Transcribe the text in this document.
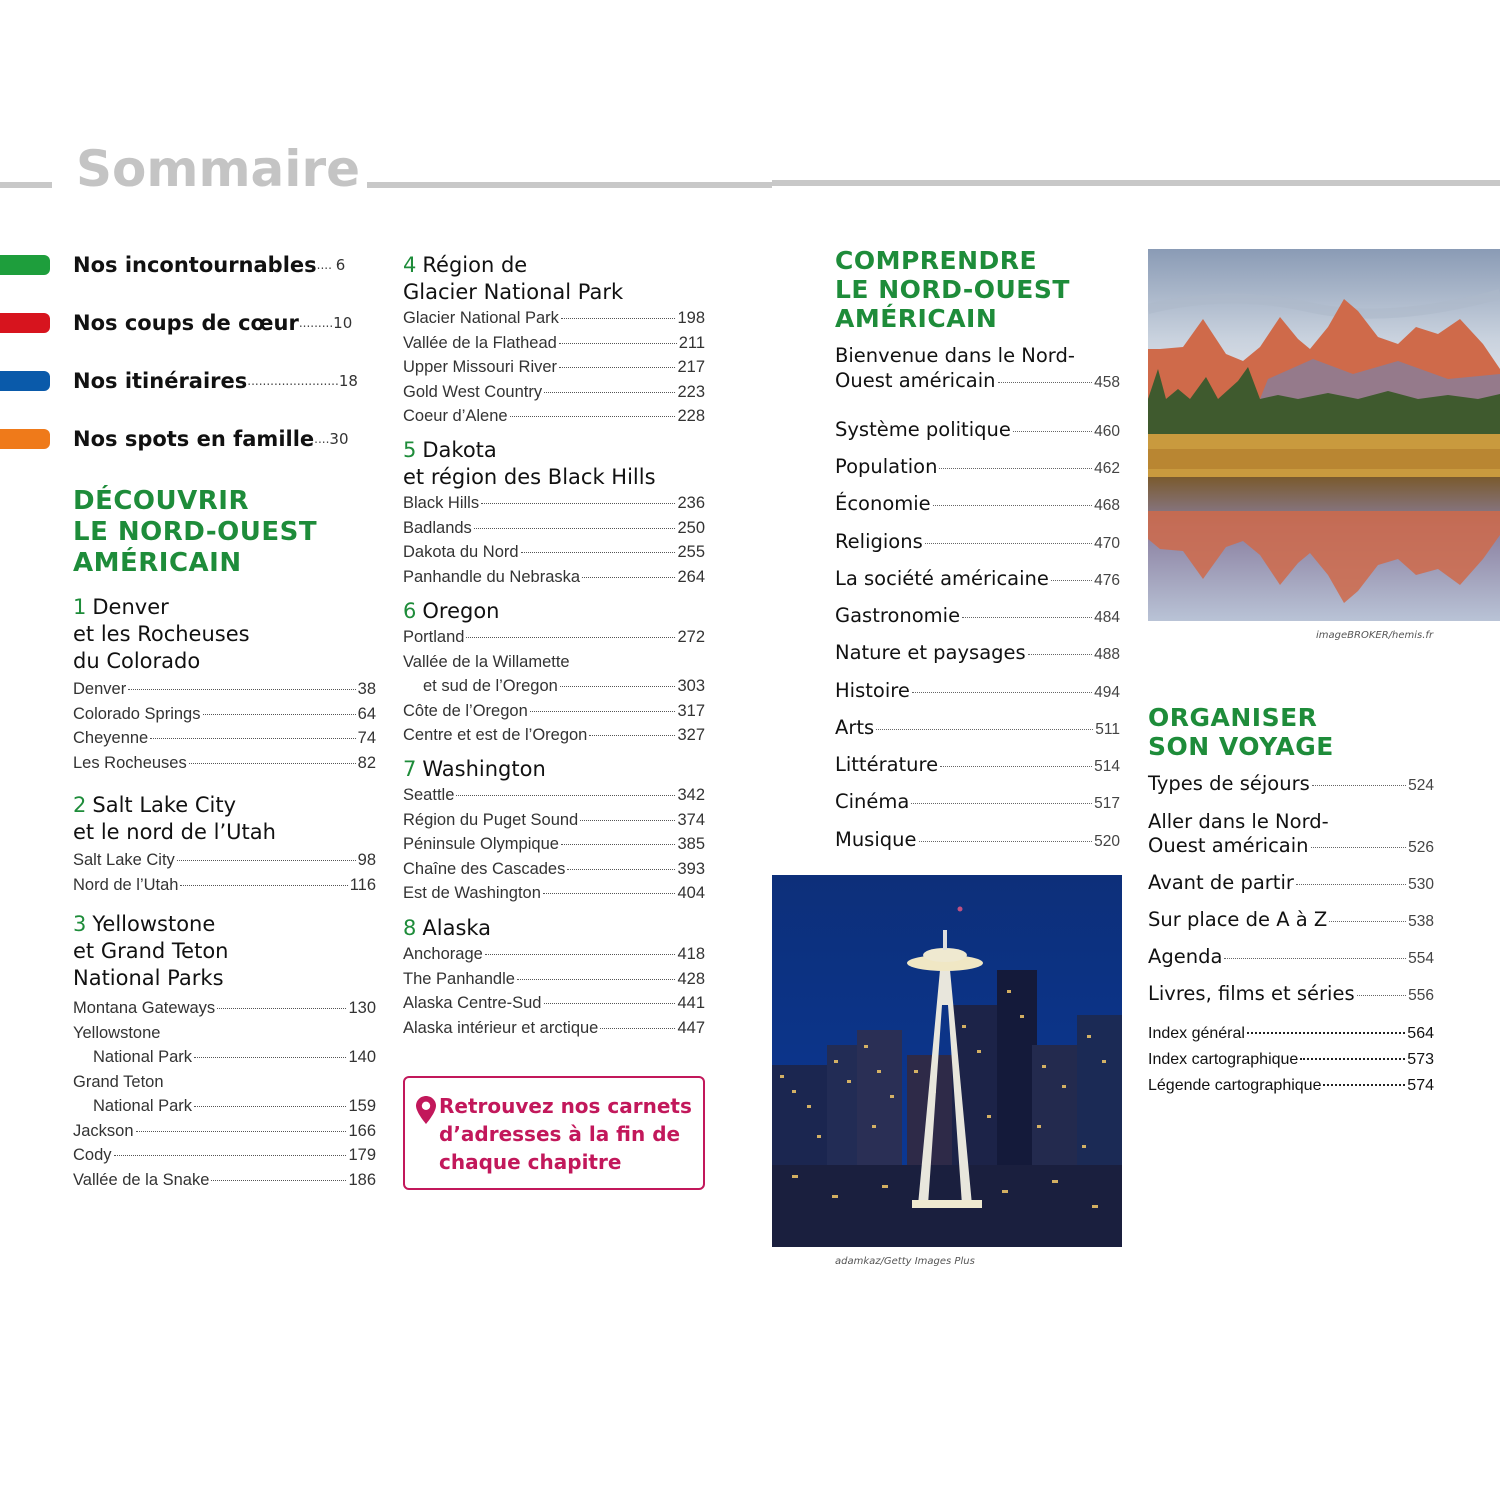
Sommaire
Nos incontournables .... 6
Nos coups de cœur ......... 10
Nos itinéraires ........................ 18
Nos spots en famille .... 30
DÉCOUVRIR
LE NORD-OUEST
AMÉRICAIN
1 Denver
et les Rocheuses
du Colorado
Denver	38
Colorado Springs	64
Cheyenne	74
Les Rocheuses	82
2 Salt Lake City
et le nord de l’Utah
Salt Lake City	98
Nord de l’Utah	116
3 Yellowstone
et Grand Teton
National Parks
Montana Gateways	130
Yellowstone
National Park	140
Grand Teton
National Park	159
Jackson	166
Cody	179
Vallée de la Snake	186
4 Région de
Glacier National Park
Glacier National Park	198
Vallée de la Flathead	211
Upper Missouri River	217
Gold West Country	223
Coeur d’Alene	228
5 Dakota
et région des Black Hills
Black Hills	236
Badlands	250
Dakota du Nord	255
Panhandle du Nebraska	264
6 Oregon
Portland	272
Vallée de la Willamette
et sud de l’Oregon	303
Côte de l’Oregon	317
Centre et est de l’Oregon	327
7 Washington
Seattle	342
Région du Puget Sound	374
Péninsule Olympique	385
Chaîne des Cascades	393
Est de Washington	404
8 Alaska
Anchorage	418
The Panhandle	428
Alaska Centre-Sud	441
Alaska intérieur et arctique	447
Retrouvez nos carnets
d’adresses à la fin de
chaque chapitre
COMPRENDRE
LE NORD-OUEST
AMÉRICAIN
Bienvenue dans le Nord-
Ouest américain	458
Système politique	460
Population	462
Économie	468
Religions	470
La société américaine	476
Gastronomie	484
Nature et paysages	488
Histoire	494
Arts	511
Littérature	514
Cinéma	517
Musique	520
imageBROKER/hemis.fr
adamkaz/Getty Images Plus
ORGANISER
SON VOYAGE
Types de séjours	524
Aller dans le Nord-
Ouest américain	526
Avant de partir	530
Sur place de A à Z	538
Agenda	554
Livres, films et séries	556
Index général	564
Index cartographique	573
Légende cartographique	574
